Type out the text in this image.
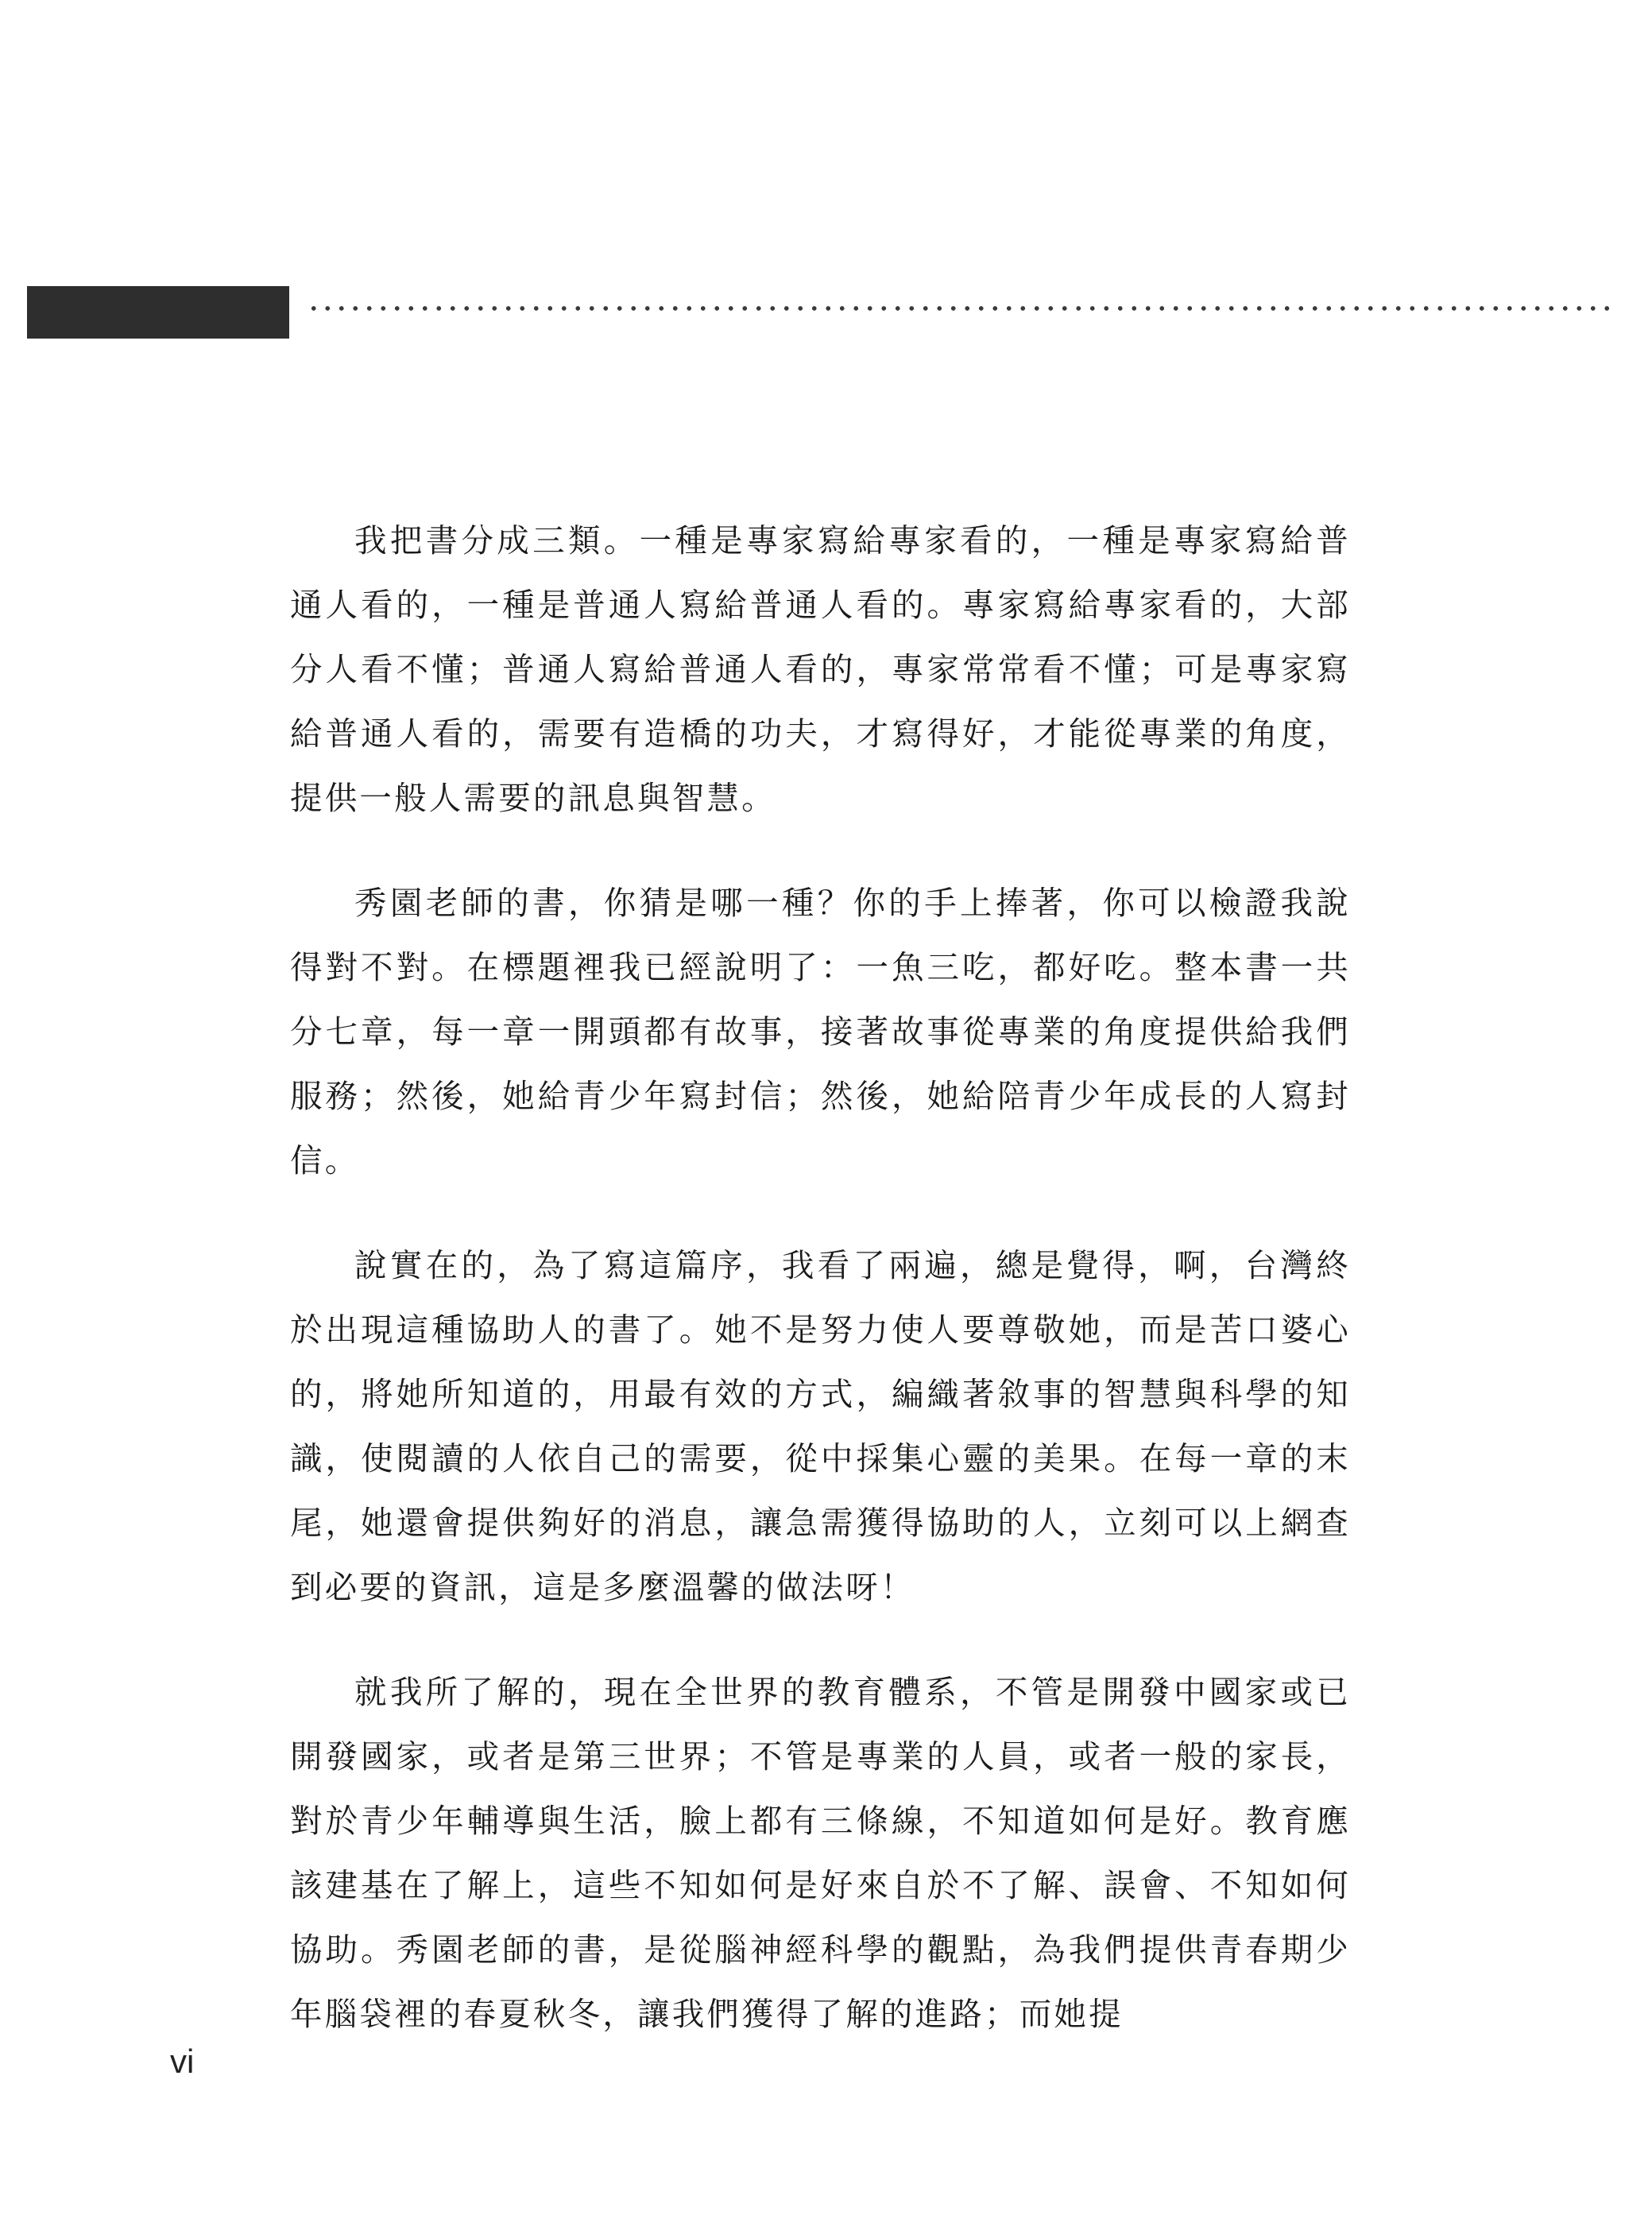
我把書分成三類。一種是專家寫給專家看的，一種是專家寫給普通人看的，一種是普通人寫給普通人看的。專家寫給專家看的，大部分人看不懂；普通人寫給普通人看的，專家常常看不懂；可是專家寫給普通人看的，需要有造橋的功夫，才寫得好，才能從專業的角度，提供一般人需要的訊息與智慧。

秀園老師的書，你猜是哪一種？你的手上捧著，你可以檢證我說得對不對。在標題裡我已經說明了：一魚三吃，都好吃。整本書一共分七章，每一章一開頭都有故事，接著故事從專業的角度提供給我們服務；然後，她給青少年寫封信；然後，她給陪青少年成長的人寫封信。

說實在的，為了寫這篇序，我看了兩遍，總是覺得，啊，台灣終於出現這種協助人的書了。她不是努力使人要尊敬她，而是苦口婆心的，將她所知道的，用最有效的方式，編織著敘事的智慧與科學的知識，使閱讀的人依自己的需要，從中採集心靈的美果。在每一章的末尾，她還會提供夠好的消息，讓急需獲得協助的人，立刻可以上網查到必要的資訊，這是多麼溫馨的做法呀！

就我所了解的，現在全世界的教育體系，不管是開發中國家或已開發國家，或者是第三世界；不管是專業的人員，或者一般的家長，對於青少年輔導與生活，臉上都有三條線，不知道如何是好。教育應該建基在了解上，這些不知如何是好來自於不了解、誤會、不知如何協助。秀園老師的書，是從腦神經科學的觀點，為我們提供青春期少年腦袋裡的春夏秋冬，讓我們獲得了解的進路；而她提

vi
